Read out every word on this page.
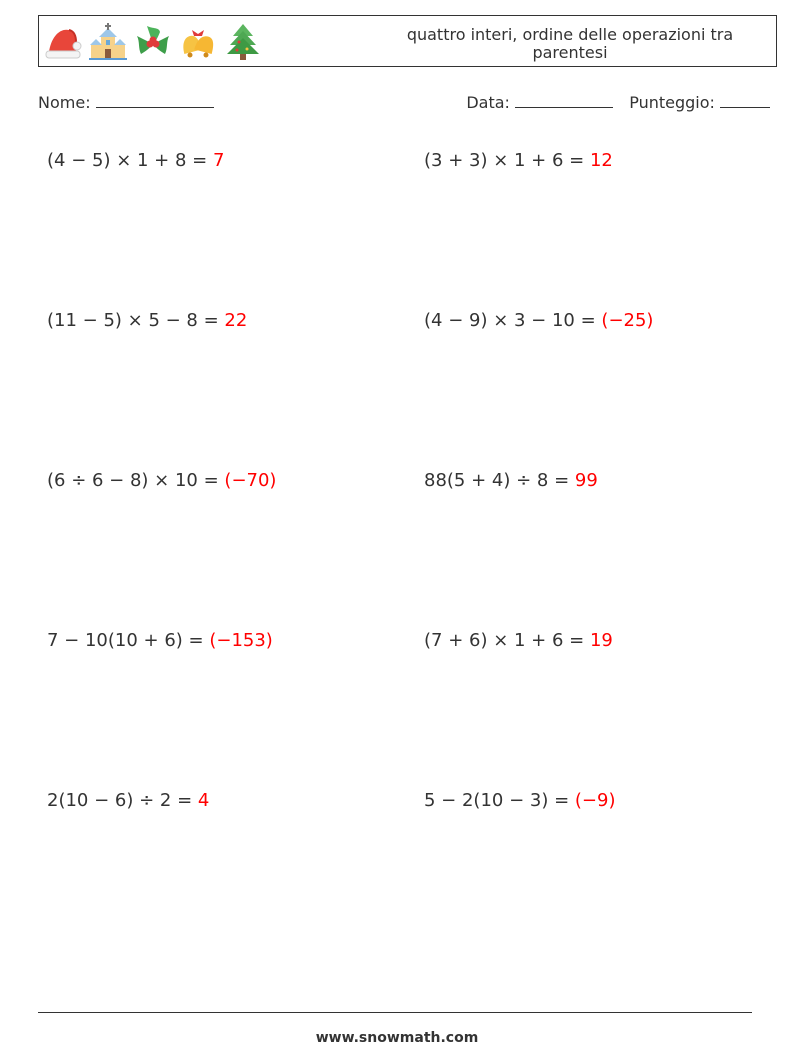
quattro interi, ordine delle operazioni tra parentesi
Nome:	Data:	Punteggio:
(4 − 5) × 1 + 8 = 7	(3 + 3) × 1 + 6 = 12
(11 − 5) × 5 − 8 = 22	(4 − 9) × 3 − 10 = (−25)
(6 ÷ 6 − 8) × 10 = (−70)	88(5 + 4) ÷ 8 = 99
7 − 10(10 + 6) = (−153)	(7 + 6) × 1 + 6 = 19
2(10 − 6) ÷ 2 = 4	5 − 2(10 − 3) = (−9)
www.snowmath.com
